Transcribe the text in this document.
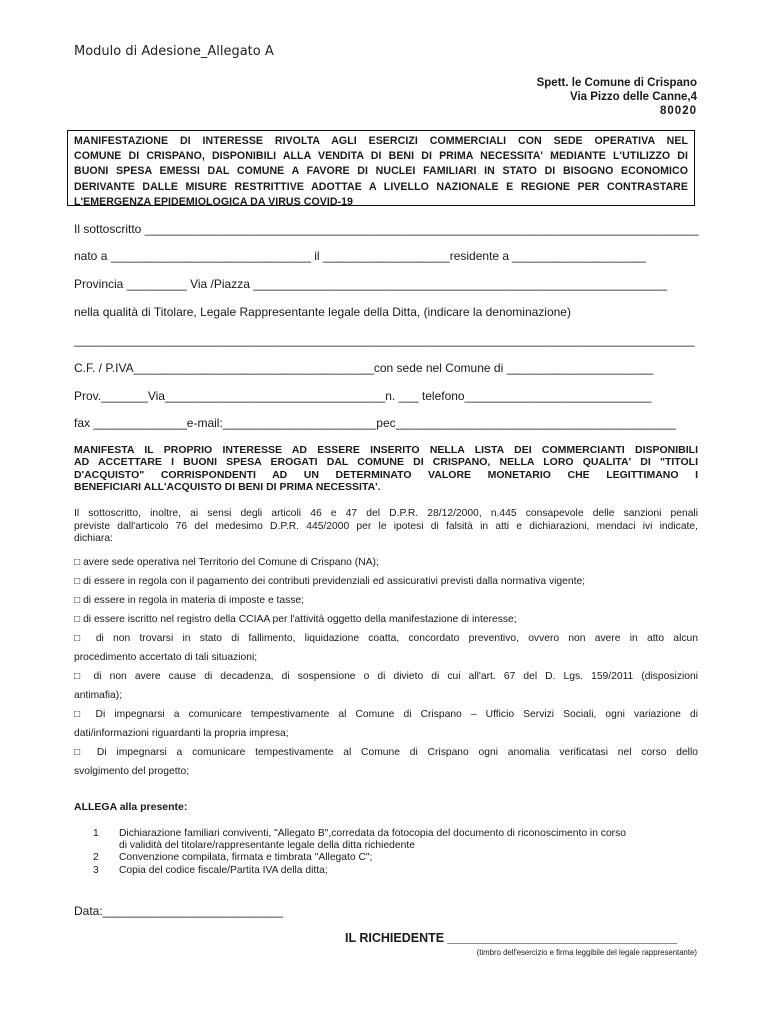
Modulo di Adesione_Allegato A
Spett. le Comune di Crispano
Via Pizzo delle Canne,4
80020
MANIFESTAZIONE DI INTERESSE RIVOLTA AGLI ESERCIZI COMMERCIALI CON SEDE OPERATIVA NEL
COMUNE DI CRISPANO, DISPONIBILI ALLA VENDITA DI BENI DI PRIMA NECESSITA' MEDIANTE L'UTILIZZO DI
BUONI SPESA EMESSI DAL COMUNE A FAVORE DI NUCLEI FAMILIARI IN STATO DI BISOGNO ECONOMICO
DERIVANTE DALLE MISURE RESTRITTIVE ADOTTAE A LIVELLO NAZIONALE E REGIONE PER CONTRASTARE
L'EMERGENZA EPIDEMIOLOGICA DA VIRUS COVID-19
Il sottoscritto ___________________________________________________________________________________
nato a ______________________________ il ___________________residente a ____________________
Provincia _________ Via /Piazza ______________________________________________________________
nella qualità di Titolare, Legale Rappresentante legale della Ditta, (indicare la denominazione)
_____________________________________________________________________________________________
C.F. / P.IVA____________________________________con sede nel Comune di ______________________
Prov._______Via_________________________________n. ___ telefono____________________________
fax ______________e-mail:_______________________pec__________________________________________
MANIFESTA IL PROPRIO INTERESSE AD ESSERE INSERITO NELLA LISTA DEI COMMERCIANTI DISPONIBILI
AD ACCETTARE I BUONI SPESA EROGATI DAL COMUNE DI CRISPANO, NELLA LORO QUALITA' DI "TITOLI
D'ACQUISTO" CORRISPONDENTI AD UN DETERMINATO VALORE MONETARIO CHE LEGITTIMANO I
BENEFICIARI ALL'ACQUISTO DI BENI DI PRIMA NECESSITA'.
Il sottoscritto, inoltre, ai sensi degli articoli 46 e 47 del D.P.R. 28/12/2000, n.445 consapevole delle sanzioni penali
previste dall'articolo 76 del medesimo D.P.R. 445/2000 per le ipotesi di falsità in atti e dichiarazioni, mendaci ivi indicate,
dichiara:
□ avere sede operativa nel Territorio del Comune di Crispano (NA);
□ di essere in regola con il pagamento dei contributi previdenziali ed assicurativi previsti dalla normativa vigente;
□ di essere in regola in materia di imposte e tasse;
□ di essere iscritto nel registro della CCIAA per l'attività oggetto della manifestazione di interesse;
□ di non trovarsi in stato di fallimento, liquidazione coatta, concordato preventivo, ovvero non avere in atto alcun
procedimento accertato di tali situazioni;
□ di non avere cause di decadenza, di sospensione o di divieto di cui all'art. 67 del D. Lgs. 159/2011 (disposizioni
antimafia);
□ Di impegnarsi a comunicare tempestivamente al Comune di Crispano – Ufficio Servizi Sociali, ogni variazione di
dati/informazioni riguardanti la propria impresa;
□ Di impegnarsi a comunicare tempestivamente al Comune di Crispano ogni anomalia verificatasi nel corso dello
svolgimento del progetto;
ALLEGA alla presente:
1	Dichiarazione familiari conviventi, "Allegato B",corredata da fotocopia del documento di riconoscimento in corso
di validità del titolare/rappresentante legale della ditta richiedente
2	Convenzione compilata, firmata e timbrata "Allegato C";
3	Copia del codice fiscale/Partita IVA della ditta;
Data:___________________________
IL RICHIEDENTE _________________________________
(timbro dell'esercizio e firma leggibile del legale rappresentante)
